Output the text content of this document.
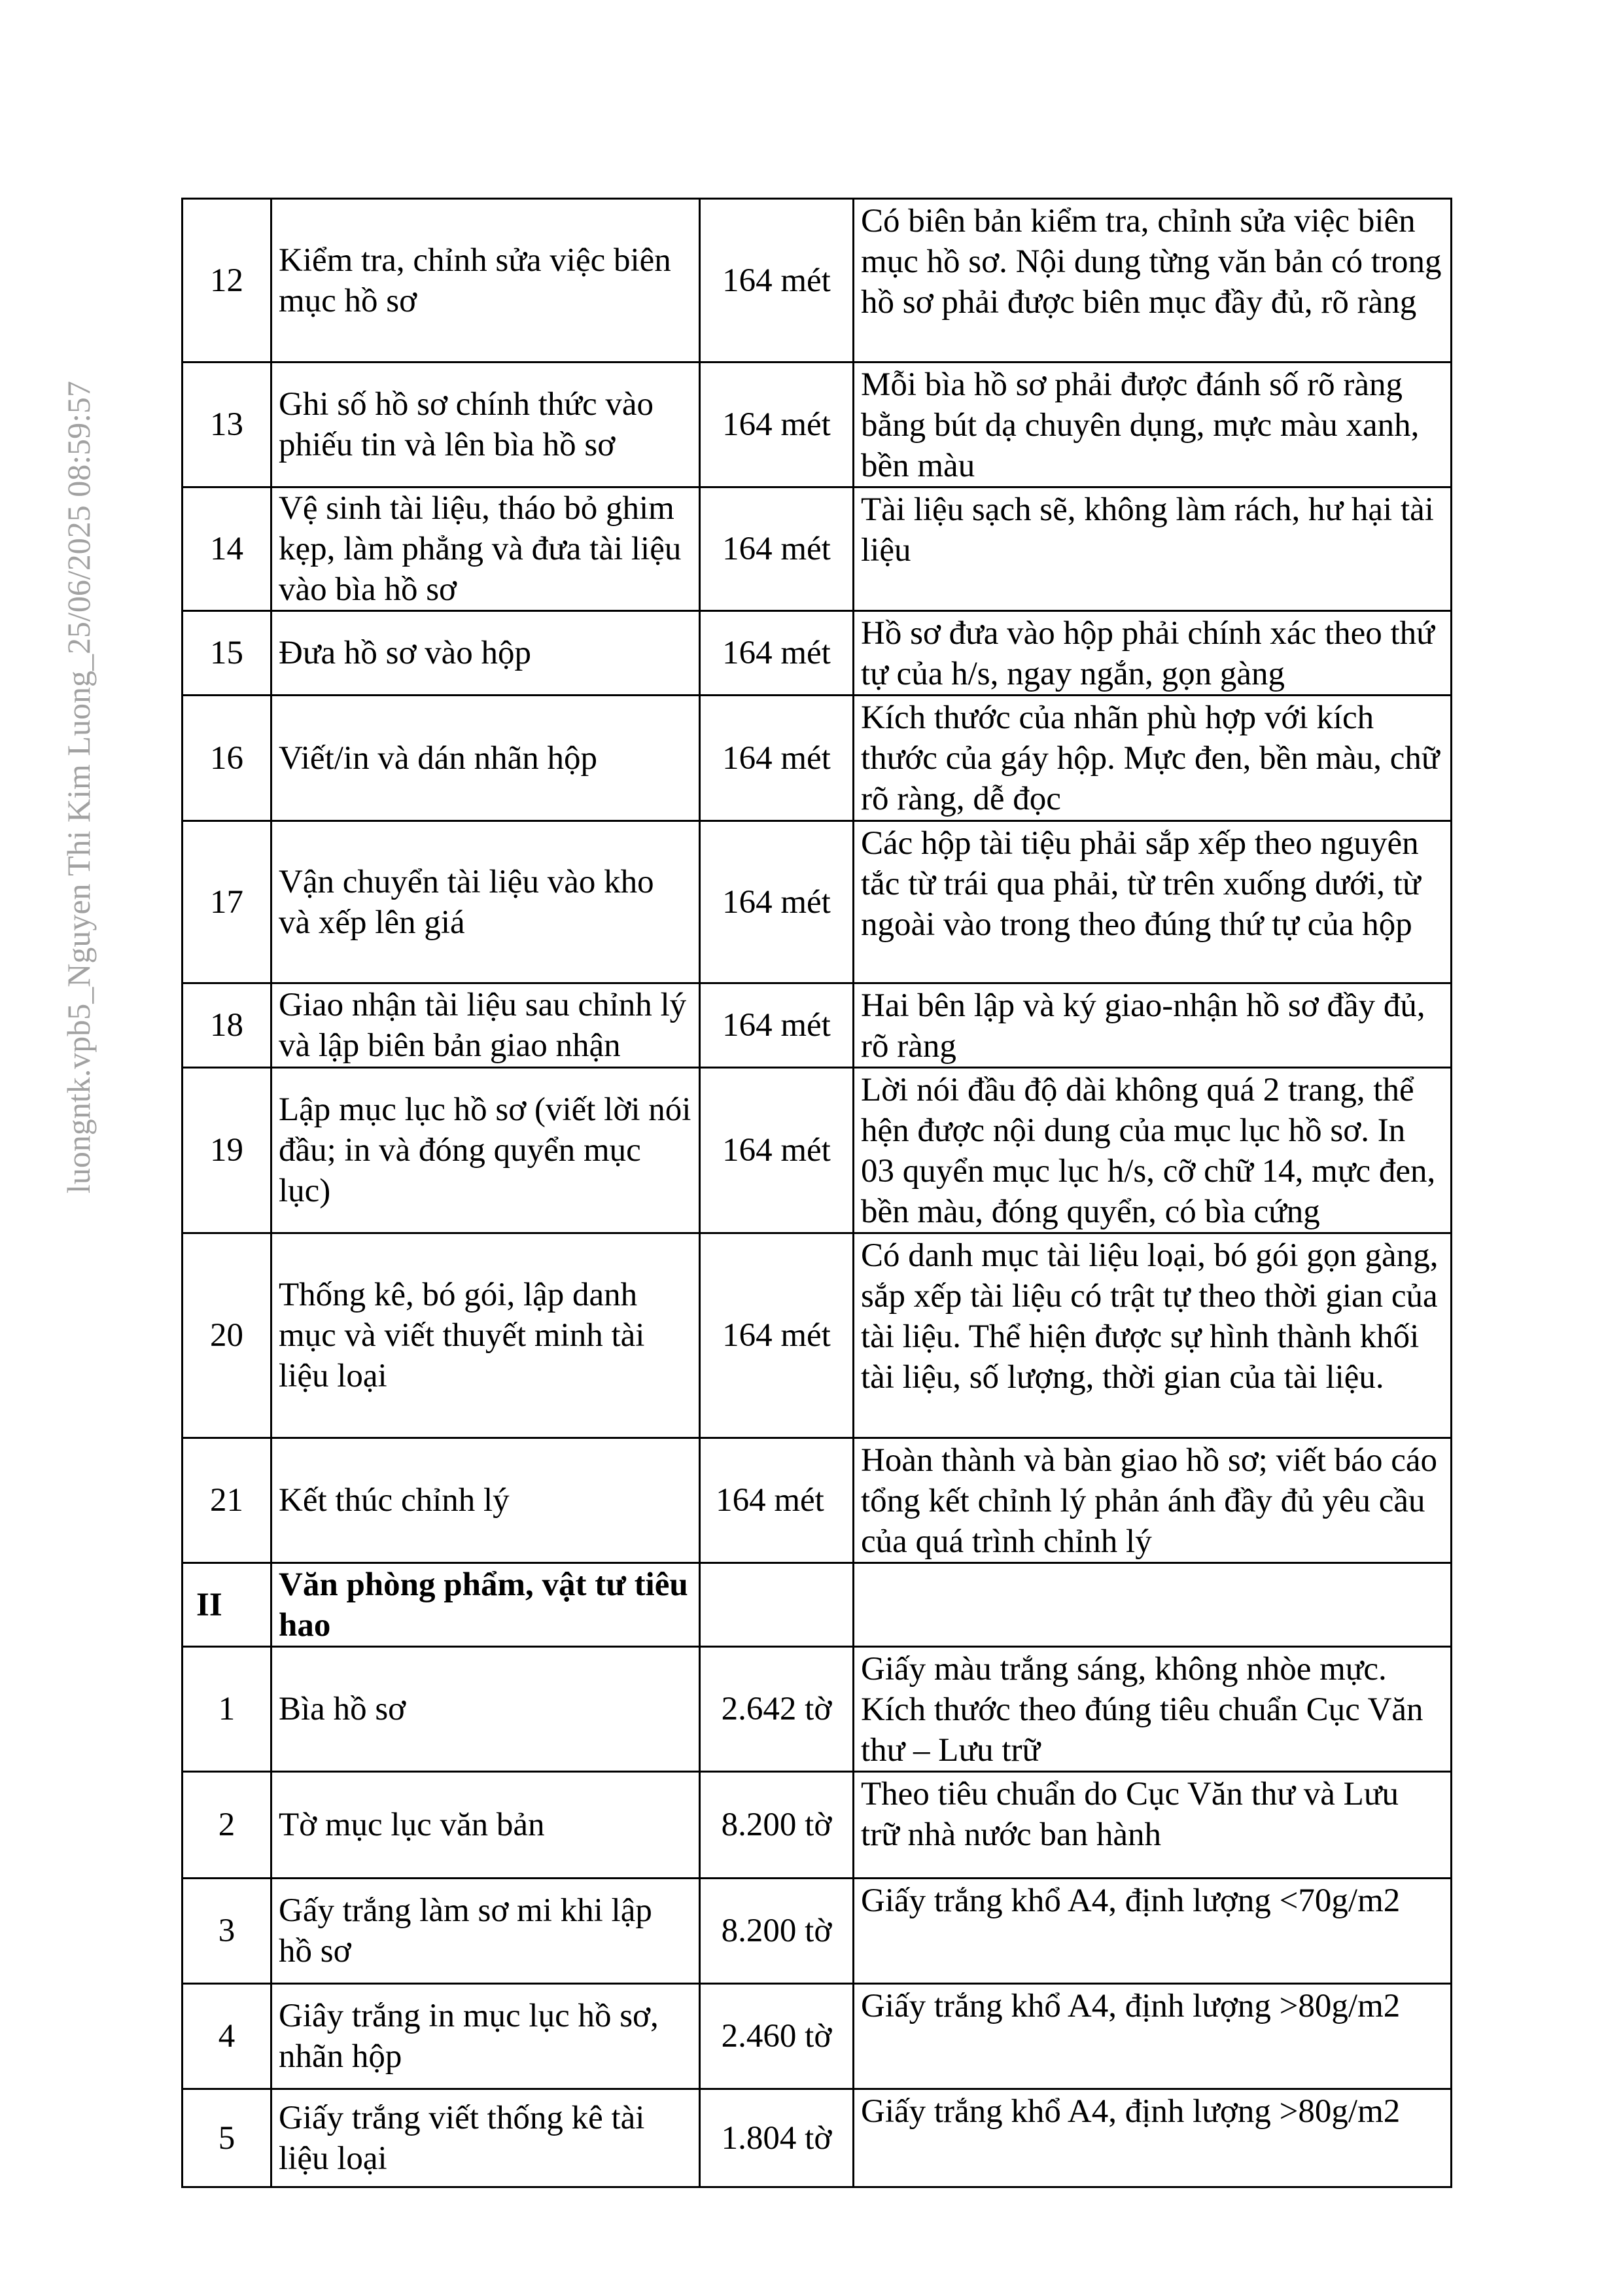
12	Kiểm tra, chỉnh sửa việc biên mục hồ sơ	164 mét	Có biên bản kiểm tra, chỉnh sửa việc biên mục hồ sơ. Nội dung từng văn bản có trong hồ sơ phải được biên mục đầy đủ, rõ ràng
13	Ghi số hồ sơ chính thức vào phiếu tin và lên bìa hồ sơ	164 mét	Mỗi bìa hồ sơ phải được đánh số rõ ràng bằng bút dạ chuyên dụng, mực màu xanh, bền màu
14	Vệ sinh tài liệu, tháo bỏ ghim kẹp, làm phẳng và đưa tài liệu vào bìa hồ sơ	164 mét	Tài liệu sạch sẽ, không làm rách, hư hại tài liệu
15	Đưa hồ sơ vào hộp	164 mét	Hồ sơ đưa vào hộp phải chính xác theo thứ tự của h/s, ngay ngắn, gọn gàng
16	Viết/in và dán nhãn hộp	164 mét	Kích thước của nhãn phù hợp với kích thước của gáy hộp. Mực đen, bền màu, chữ rõ ràng, dễ đọc
17	Vận chuyển tài liệu vào kho và xếp lên giá	164 mét	Các hộp tài tiệu phải sắp xếp theo nguyên tắc từ trái qua phải, từ trên xuống dưới, từ ngoài vào trong theo đúng thứ tự của hộp
18	Giao nhận tài liệu sau chỉnh lý và lập biên bản giao nhận	164 mét	Hai bên lập và ký giao-nhận hồ sơ đầy đủ, rõ ràng
19	Lập mục lục hồ sơ (viết lời nói đầu; in và đóng quyển mục lục)	164 mét	Lời nói đầu độ dài không quá 2 trang, thể hện được nội dung của mục lục hồ sơ. In 03 quyển mục lục h/s, cỡ chữ 14, mực đen, bền màu, đóng quyển, có bìa cứng
20	Thống kê, bó gói, lập danh mục và viết thuyết minh tài liệu loại	164 mét	Có danh mục tài liệu loại, bó gói gọn gàng, sắp xếp tài liệu có trật tự theo thời gian của tài liệu. Thể hiện được sự hình thành khối tài liệu, số lượng, thời gian của tài liệu.
21	Kết thúc chỉnh lý	164 mét	Hoàn thành và bàn giao hồ sơ; viết báo cáo tổng kết chỉnh lý phản ánh đầy đủ yêu cầu của quá trình chỉnh lý
II	Văn phòng phẩm, vật tư tiêu hao		
1	Bìa hồ sơ	2.642 tờ	Giấy màu trắng sáng, không nhòe mực. Kích thước theo đúng tiêu chuẩn Cục Văn thư – Lưu trữ
2	Tờ mục lục văn bản	8.200 tờ	Theo tiêu chuẩn do Cục Văn thư và Lưu trữ nhà nước ban hành
3	Gấy trắng làm sơ mi khi lập hồ sơ	8.200 tờ	Giấy trắng khổ A4, định lượng <70g/m2
4	Giây trắng in mục lục hồ sơ, nhãn hộp	2.460 tờ	Giấy trắng khổ A4, định lượng >80g/m2
5	Giấy trắng viết thống kê tài liệu loại	1.804 tờ	Giấy trắng khổ A4, định lượng >80g/m2
luongntk.vpb5_Nguyen Thi Kim Luong_25/06/2025 08:59:57
